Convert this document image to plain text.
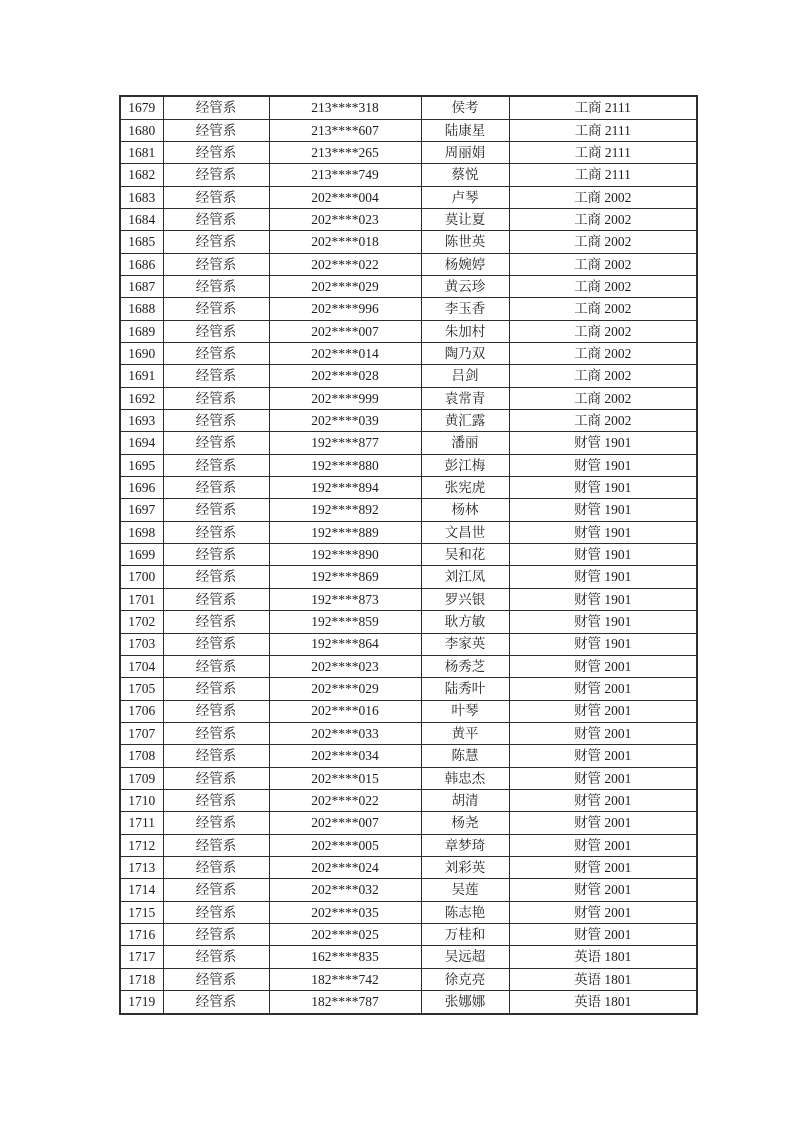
1679	经管系	213****318	侯考	工商 2111
1680	经管系	213****607	陆康星	工商 2111
1681	经管系	213****265	周丽娟	工商 2111
1682	经管系	213****749	蔡悦	工商 2111
1683	经管系	202****004	卢琴	工商 2002
1684	经管系	202****023	莫让夏	工商 2002
1685	经管系	202****018	陈世英	工商 2002
1686	经管系	202****022	杨婉婷	工商 2002
1687	经管系	202****029	黄云珍	工商 2002
1688	经管系	202****996	李玉香	工商 2002
1689	经管系	202****007	朱加村	工商 2002
1690	经管系	202****014	陶乃双	工商 2002
1691	经管系	202****028	吕剑	工商 2002
1692	经管系	202****999	袁常青	工商 2002
1693	经管系	202****039	黄汇露	工商 2002
1694	经管系	192****877	潘丽	财管 1901
1695	经管系	192****880	彭江梅	财管 1901
1696	经管系	192****894	张宪虎	财管 1901
1697	经管系	192****892	杨林	财管 1901
1698	经管系	192****889	文昌世	财管 1901
1699	经管系	192****890	吴和花	财管 1901
1700	经管系	192****869	刘江凤	财管 1901
1701	经管系	192****873	罗兴银	财管 1901
1702	经管系	192****859	耿方敏	财管 1901
1703	经管系	192****864	李家英	财管 1901
1704	经管系	202****023	杨秀芝	财管 2001
1705	经管系	202****029	陆秀叶	财管 2001
1706	经管系	202****016	叶琴	财管 2001
1707	经管系	202****033	黄平	财管 2001
1708	经管系	202****034	陈慧	财管 2001
1709	经管系	202****015	韩忠杰	财管 2001
1710	经管系	202****022	胡清	财管 2001
1711	经管系	202****007	杨尧	财管 2001
1712	经管系	202****005	章梦琦	财管 2001
1713	经管系	202****024	刘彩英	财管 2001
1714	经管系	202****032	吴莲	财管 2001
1715	经管系	202****035	陈志艳	财管 2001
1716	经管系	202****025	万桂和	财管 2001
1717	经管系	162****835	吴远超	英语 1801
1718	经管系	182****742	徐克亮	英语 1801
1719	经管系	182****787	张娜娜	英语 1801
